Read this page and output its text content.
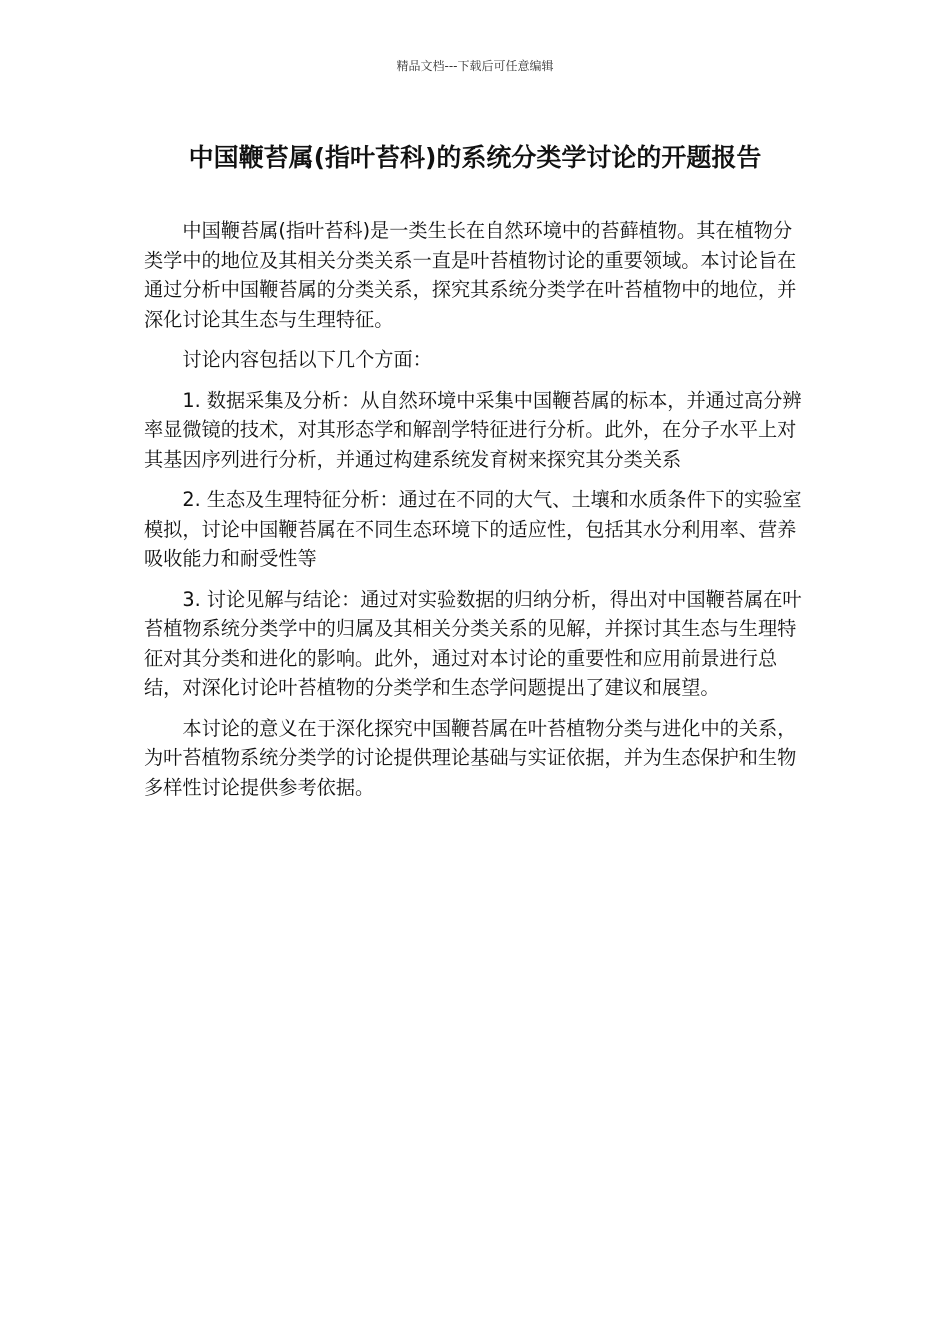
精品文档---下载后可任意编辑
中国鞭苔属(指叶苔科)的系统分类学讨论的开题报告

中国鞭苔属(指叶苔科)是一类生长在自然环境中的苔藓植物。其在植物分类学中的地位及其相关分类关系一直是叶苔植物讨论的重要领域。本讨论旨在通过分析中国鞭苔属的分类关系，探究其系统分类学在叶苔植物中的地位，并深化讨论其生态与生理特征。

讨论内容包括以下几个方面：

1. 数据采集及分析：从自然环境中采集中国鞭苔属的标本，并通过高分辨率显微镜的技术，对其形态学和解剖学特征进行分析。此外，在分子水平上对其基因序列进行分析，并通过构建系统发育树来探究其分类关系

2. 生态及生理特征分析：通过在不同的大气、土壤和水质条件下的实验室模拟，讨论中国鞭苔属在不同生态环境下的适应性，包括其水分利用率、营养吸收能力和耐受性等

3. 讨论见解与结论：通过对实验数据的归纳分析，得出对中国鞭苔属在叶苔植物系统分类学中的归属及其相关分类关系的见解，并探讨其生态与生理特征对其分类和进化的影响。此外，通过对本讨论的重要性和应用前景进行总结，对深化讨论叶苔植物的分类学和生态学问题提出了建议和展望。

本讨论的意义在于深化探究中国鞭苔属在叶苔植物分类与进化中的关系，为叶苔植物系统分类学的讨论提供理论基础与实证依据，并为生态保护和生物多样性讨论提供参考依据。
